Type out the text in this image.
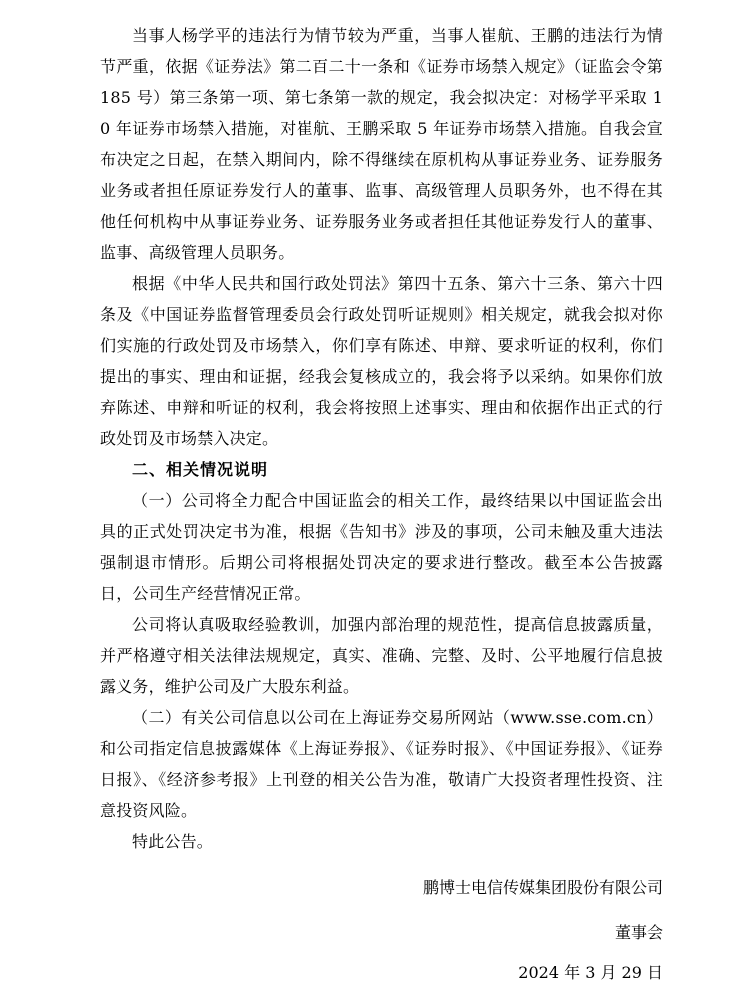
当事人杨学平的违法行为情节较为严重，当事人崔航、王鹏的违法行为情节严重，依据《证券法》第二百二十一条和《证券市场禁入规定》（证监会令第 185 号）第三条第一项、第七条第一款的规定，我会拟决定：对杨学平采取 10 年证券市场禁入措施，对崔航、王鹏采取 5 年证券市场禁入措施。自我会宣布决定之日起，在禁入期间内，除不得继续在原机构从事证券业务、证券服务业务或者担任原证券发行人的董事、监事、高级管理人员职务外，也不得在其他任何机构中从事证券业务、证券服务业务或者担任其他证券发行人的董事、监事、高级管理人员职务。

根据《中华人民共和国行政处罚法》第四十五条、第六十三条、第六十四条及《中国证券监督管理委员会行政处罚听证规则》相关规定，就我会拟对你们实施的行政处罚及市场禁入，你们享有陈述、申辩、要求听证的权利，你们提出的事实、理由和证据，经我会复核成立的，我会将予以采纳。如果你们放弃陈述、申辩和听证的权利，我会将按照上述事实、理由和依据作出正式的行政处罚及市场禁入决定。

二、相关情况说明

（一）公司将全力配合中国证监会的相关工作，最终结果以中国证监会出具的正式处罚决定书为准，根据《告知书》涉及的事项，公司未触及重大违法强制退市情形。后期公司将根据处罚决定的要求进行整改。截至本公告披露日，公司生产经营情况正常。

公司将认真吸取经验教训，加强内部治理的规范性，提高信息披露质量，并严格遵守相关法律法规规定，真实、准确、完整、及时、公平地履行信息披露义务，维护公司及广大股东利益。

（二）有关公司信息以公司在上海证券交易所网站（www.sse.com.cn）和公司指定信息披露媒体《上海证券报》、《证券时报》、《中国证券报》、《证券日报》、《经济参考报》上刊登的相关公告为准，敬请广大投资者理性投资、注意投资风险。

特此公告。

鹏博士电信传媒集团股份有限公司

董事会

2024 年 3 月 29 日
